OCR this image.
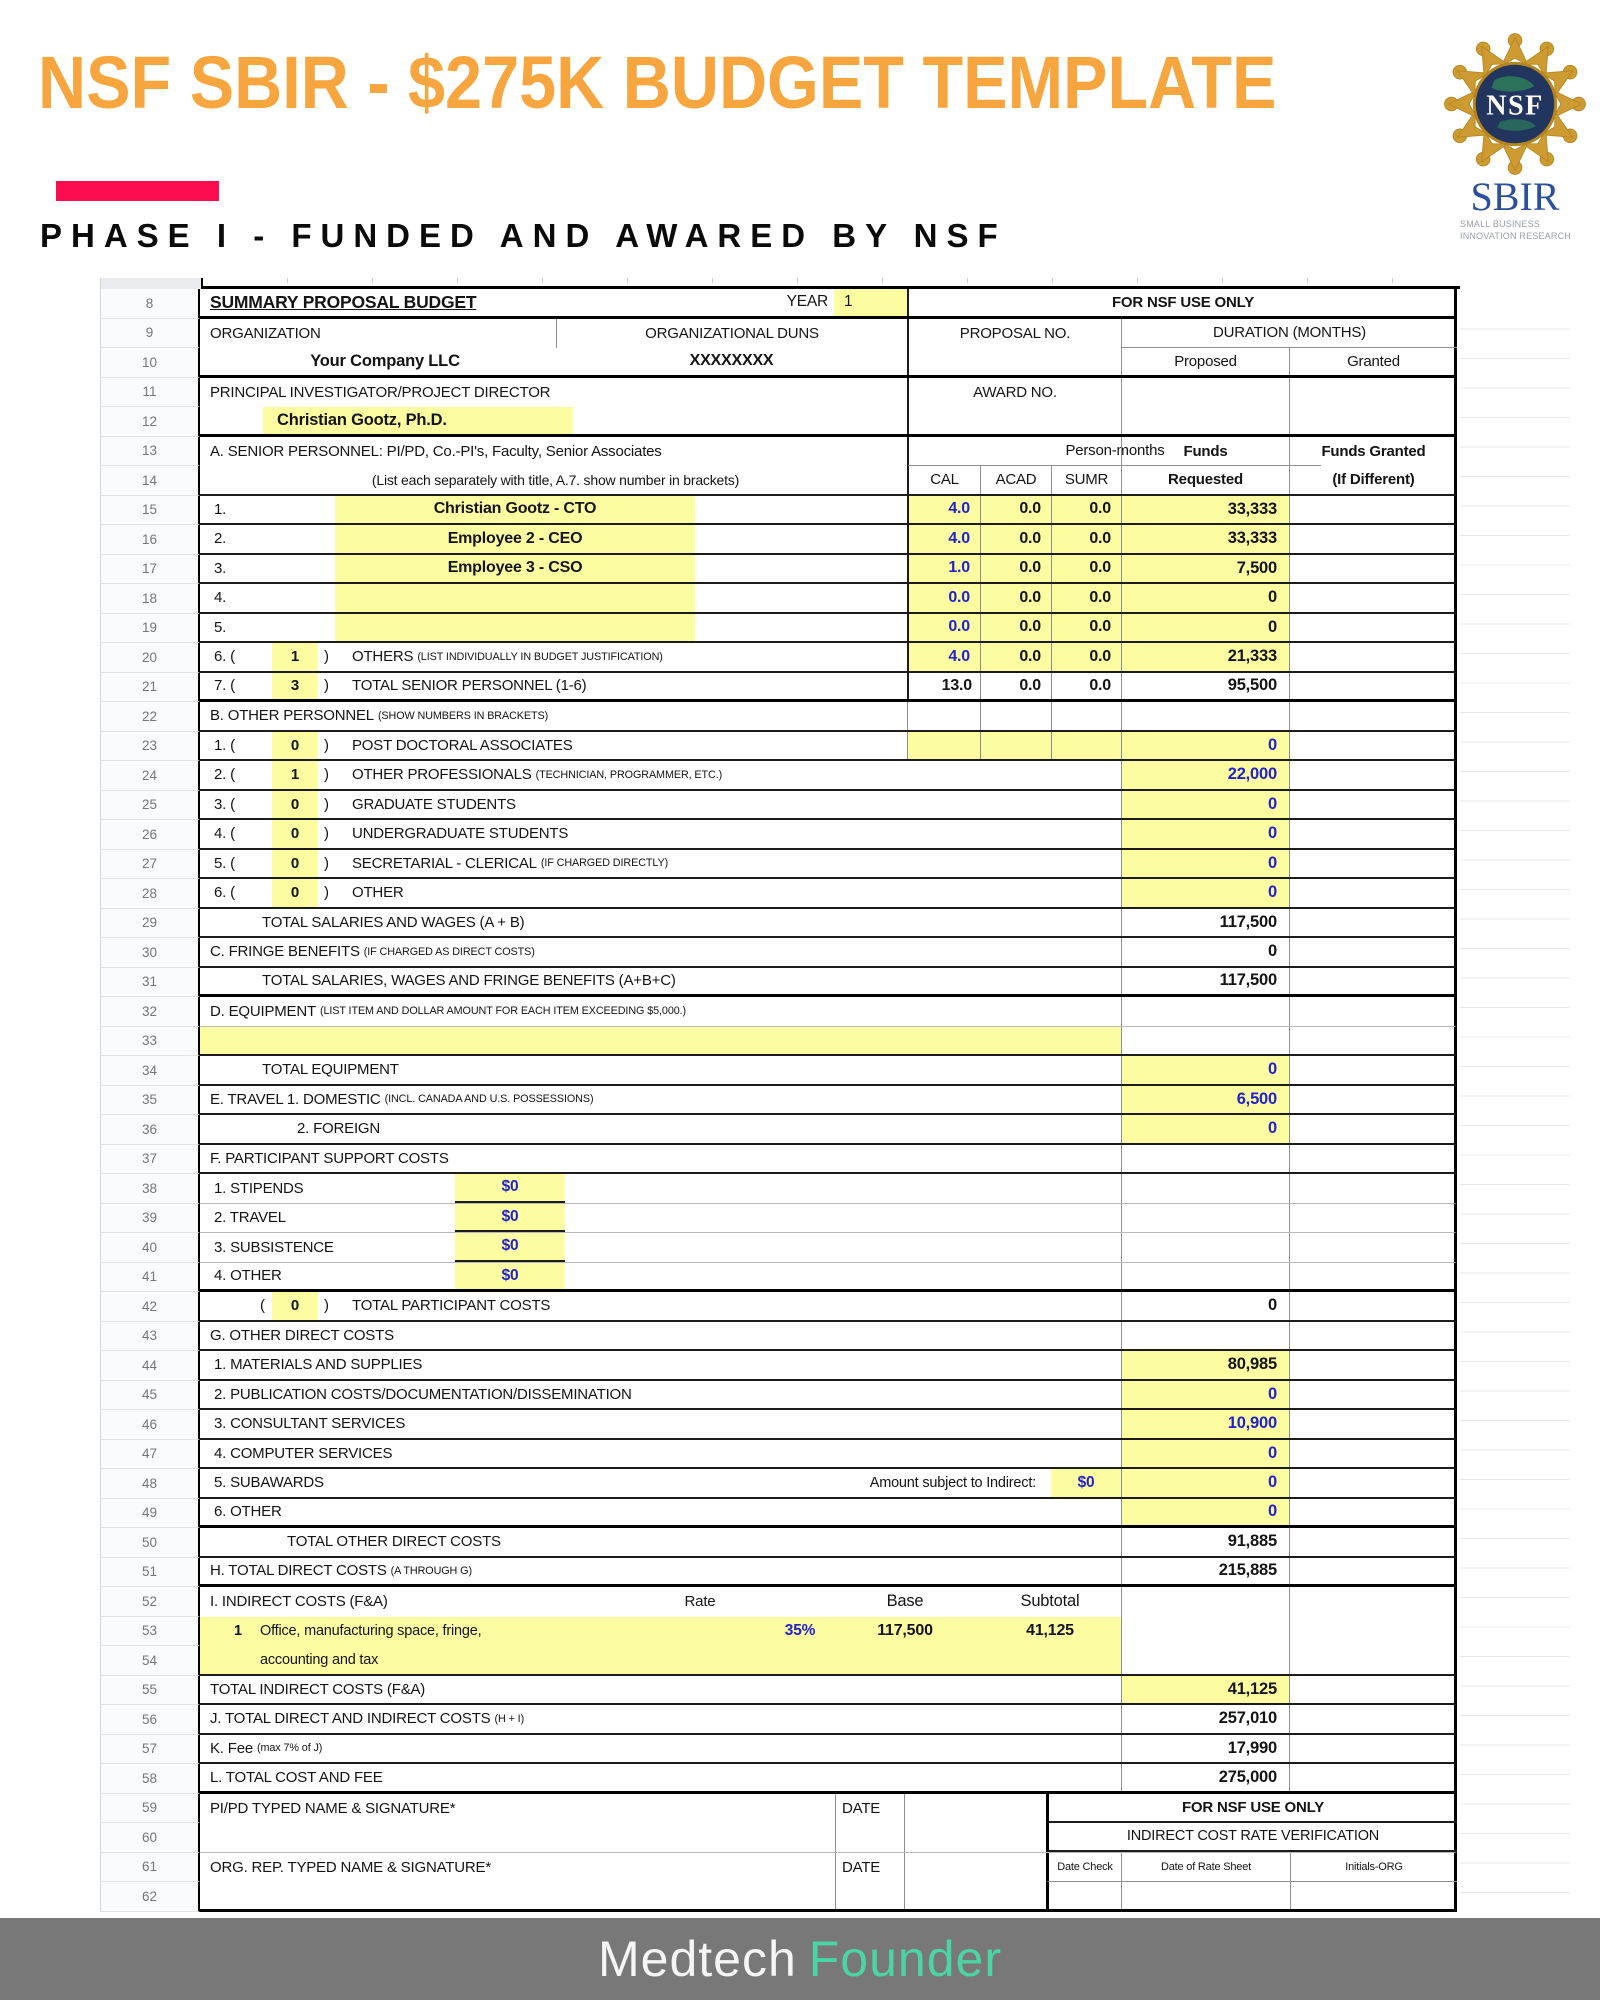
NSF SBIR - $275K BUDGET TEMPLATE
PHASE I - FUNDED AND AWARED BY NSF
NSF
SBIR
SMALL BUSINESS
INNOVATION RESEARCH
8	SUMMARY PROPOSAL BUDGET	YEAR 1	FOR NSF USE ONLY
9	ORGANIZATION	ORGANIZATIONAL DUNS	PROPOSAL NO.	DURATION (MONTHS)
10	Your Company LLC	XXXXXXXX	Proposed	Granted
11	PRINCIPAL INVESTIGATOR/PROJECT DIRECTOR	AWARD NO.
12	Christian Gootz, Ph.D.
13	A. SENIOR PERSONNEL: PI/PD, Co.-PI's, Faculty, Senior Associates	Person-months Funds	Funds Granted
14	(List each separately with title, A.7. show number in brackets)	CAL ACAD SUMR	Requested	(If Different)
15	1.	Christian Gootz - CTO	4.0	0.0	0.0	33,333
16	2.	Employee 2 - CEO	4.0	0.0	0.0	33,333
17	3.	Employee 3 - CSO	1.0	0.0	0.0	7,500
18	4.	0.0	0.0	0.0	0
19	5.	0.0	0.0	0.0	0
20	6. (	1 ) OTHERS (LIST INDIVIDUALLY IN BUDGET JUSTIFICATION)	4.0	0.0	0.0	21,333
21	7. (	3 ) TOTAL SENIOR PERSONNEL (1-6)	13.0	0.0	0.0	95,500
22	B. OTHER PERSONNEL (SHOW NUMBERS IN BRACKETS)
23	1. (	0 ) POST DOCTORAL ASSOCIATES	0
24	2. (	1 ) OTHER PROFESSIONALS (TECHNICIAN, PROGRAMMER, ETC.)	22,000
25	3. (	0 ) GRADUATE STUDENTS	0
26	4. (	0 ) UNDERGRADUATE STUDENTS	0
27	5. (	0 ) SECRETARIAL - CLERICAL (IF CHARGED DIRECTLY)	0
28	6. (	0 ) OTHER	0
29	TOTAL SALARIES AND WAGES (A + B)	117,500
30	C. FRINGE BENEFITS (IF CHARGED AS DIRECT COSTS)	0
31	TOTAL SALARIES, WAGES AND FRINGE BENEFITS (A+B+C)	117,500
32	D. EQUIPMENT (LIST ITEM AND DOLLAR AMOUNT FOR EACH ITEM EXCEEDING $5,000.)
33
34	TOTAL EQUIPMENT	0
35	E. TRAVEL 1. DOMESTIC (INCL. CANADA AND U.S. POSSESSIONS)	6,500
36	2. FOREIGN	0
37	F. PARTICIPANT SUPPORT COSTS
38	1. STIPENDS	$0
39	2. TRAVEL	$0
40	3. SUBSISTENCE	$0
41	4. OTHER	$0
42	( 0 ) TOTAL PARTICIPANT COSTS	0
43	G. OTHER DIRECT COSTS
44	1. MATERIALS AND SUPPLIES	80,985
45	2. PUBLICATION COSTS/DOCUMENTATION/DISSEMINATION	0
46	3. CONSULTANT SERVICES	10,900
47	4. COMPUTER SERVICES	0
48	5. SUBAWARDS	Amount subject to Indirect:	$0	0
49	6. OTHER	0
50	TOTAL OTHER DIRECT COSTS	91,885
51	H. TOTAL DIRECT COSTS (A THROUGH G)	215,885
52	I. INDIRECT COSTS (F&A)	Rate	Base	Subtotal
53	1 Office, manufacturing space, fringe,	35%	117,500	41,125
54	accounting and tax
55	TOTAL INDIRECT COSTS (F&A)	41,125
56	J. TOTAL DIRECT AND INDIRECT COSTS (H + I)	257,010
57	K. Fee (max 7% of J)	17,990
58	L. TOTAL COST AND FEE	275,000
59	PI/PD TYPED NAME & SIGNATURE*	DATE	FOR NSF USE ONLY
60	INDIRECT COST RATE VERIFICATION
61	ORG. REP. TYPED NAME & SIGNATURE*	DATE	Date Check	Date of Rate Sheet	Initials-ORG
62
Medtech Founder
